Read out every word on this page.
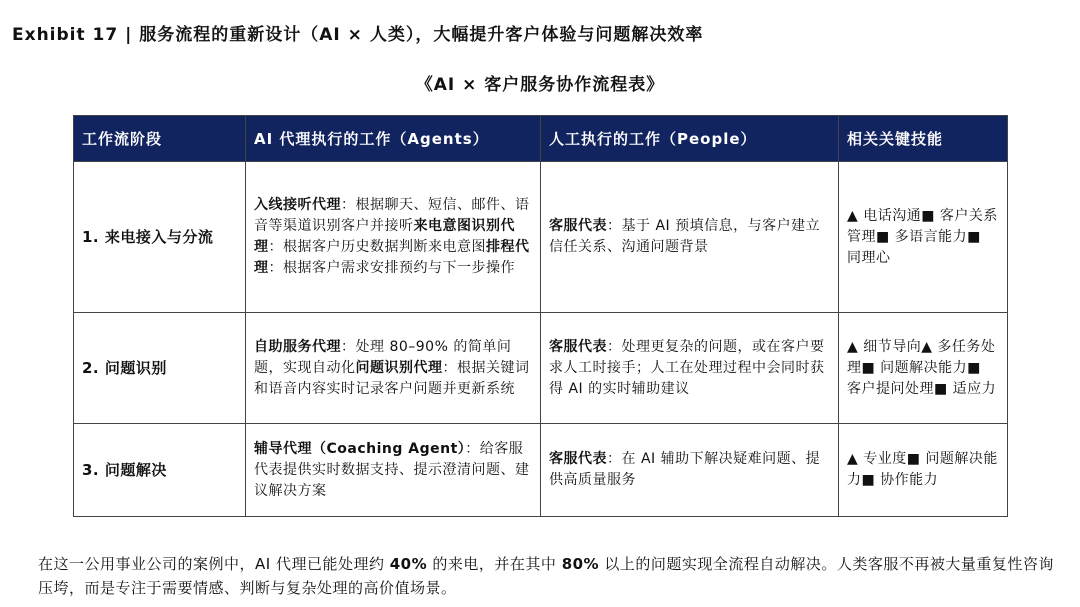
Exhibit 17 | 服务流程的重新设计（AI × 人类），大幅提升客户体验与问题解决效率
《AI × 客户服务协作流程表》
工作流阶段	AI 代理执行的工作（Agents）	人工执行的工作（People）	相关关键技能
1. 来电接入与分流	入线接听代理：根据聊天、短信、邮件、语音等渠道识别客户并接听来电意图识别代理：根据客户历史数据判断来电意图排程代理：根据客户需求安排预约与下一步操作	客服代表：基于 AI 预填信息，与客户建立信任关系、沟通问题背景	▲ 电话沟通■ 客户关系管理■ 多语言能力■ 同理心
2. 问题识别	自助服务代理：处理 80–90% 的简单问题，实现自动化问题识别代理：根据关键词和语音内容实时记录客户问题并更新系统	客服代表：处理更复杂的问题，或在客户要求人工时接手；人工在处理过程中会同时获得 AI 的实时辅助建议	▲ 细节导向▲ 多任务处理■ 问题解决能力■ 客户提问处理■ 适应力
3. 问题解决	辅导代理（Coaching Agent）：给客服代表提供实时数据支持、提示澄清问题、建议解决方案	客服代表：在 AI 辅助下解决疑难问题、提供高质量服务	▲ 专业度■ 问题解决能力■ 协作能力
在这一公用事业公司的案例中，AI 代理已能处理约 40% 的来电，并在其中 80% 以上的问题实现全流程自动解决。人类客服不再被大量重复性咨询压垮，而是专注于需要情感、判断与复杂处理的高价值场景。
